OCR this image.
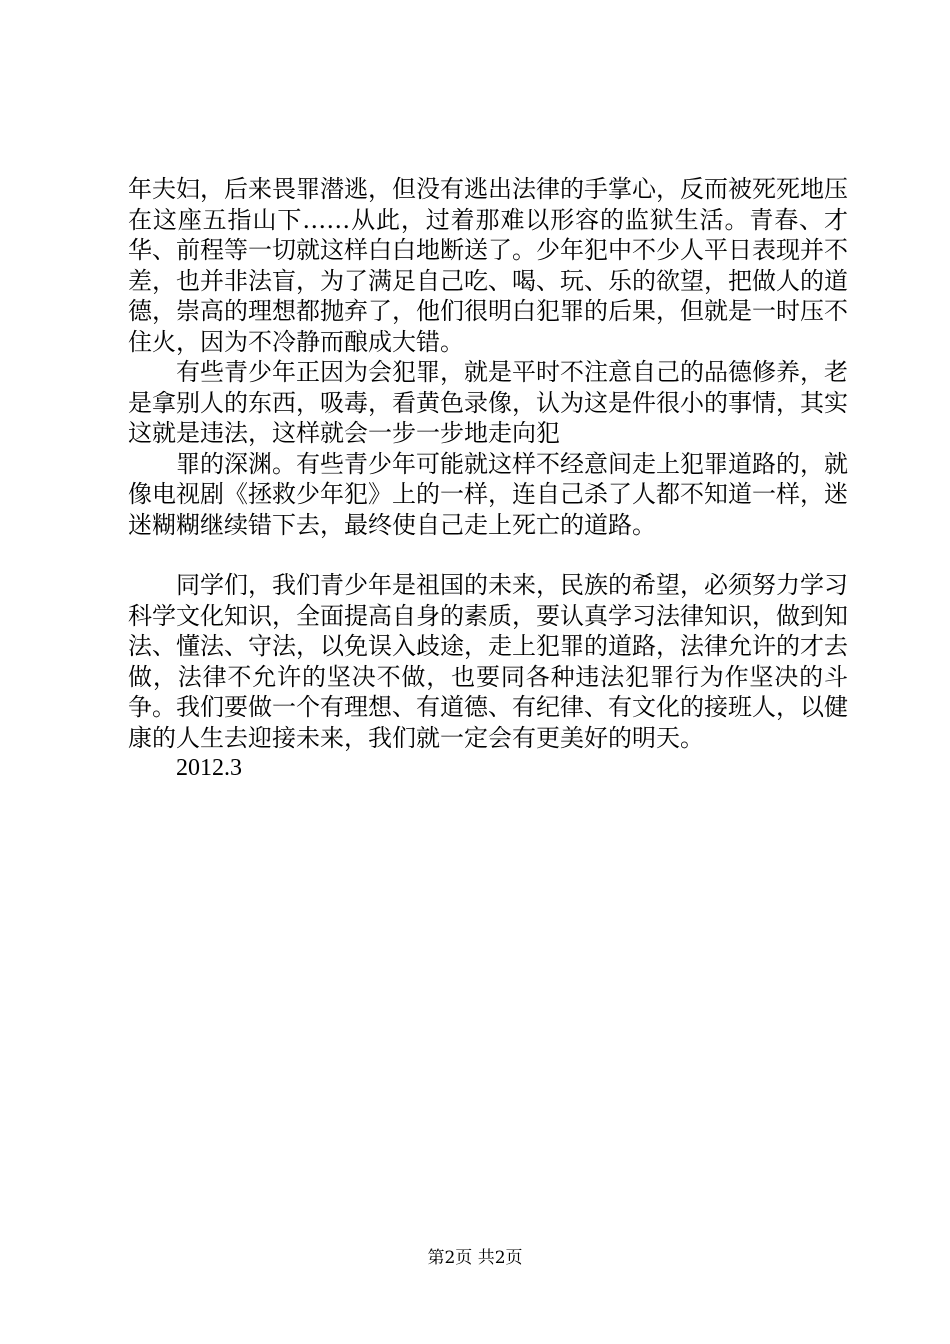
年夫妇，后来畏罪潜逃，但没有逃出法律的手掌心，反而被死死地压在这座五指山下……从此，过着那难以形容的监狱生活。青春、才华、前程等一切就这样白白地断送了。少年犯中不少人平日表现并不差，也并非法盲，为了满足自己吃、喝、玩、乐的欲望，把做人的道德，崇高的理想都抛弃了，他们很明白犯罪的后果，但就是一时压不住火，因为不冷静而酿成大错。

有些青少年正因为会犯罪，就是平时不注意自己的品德修养，老是拿别人的东西，吸毒，看黄色录像，认为这是件很小的事情，其实这就是违法，这样就会一步一步地走向犯

罪的深渊。有些青少年可能就这样不经意间走上犯罪道路的，就像电视剧《拯救少年犯》上的一样，连自己杀了人都不知道一样，迷迷糊糊继续错下去，最终使自己走上死亡的道路。

同学们，我们青少年是祖国的未来，民族的希望，必须努力学习科学文化知识，全面提高自身的素质，要认真学习法律知识，做到知法、懂法、守法，以免误入歧途，走上犯罪的道路，法律允许的才去做，法律不允许的坚决不做，也要同各种违法犯罪行为作坚决的斗争。我们要做一个有理想、有道德、有纪律、有文化的接班人，以健康的人生去迎接未来，我们就一定会有更美好的明天。

2012.3

第2页 共2页
